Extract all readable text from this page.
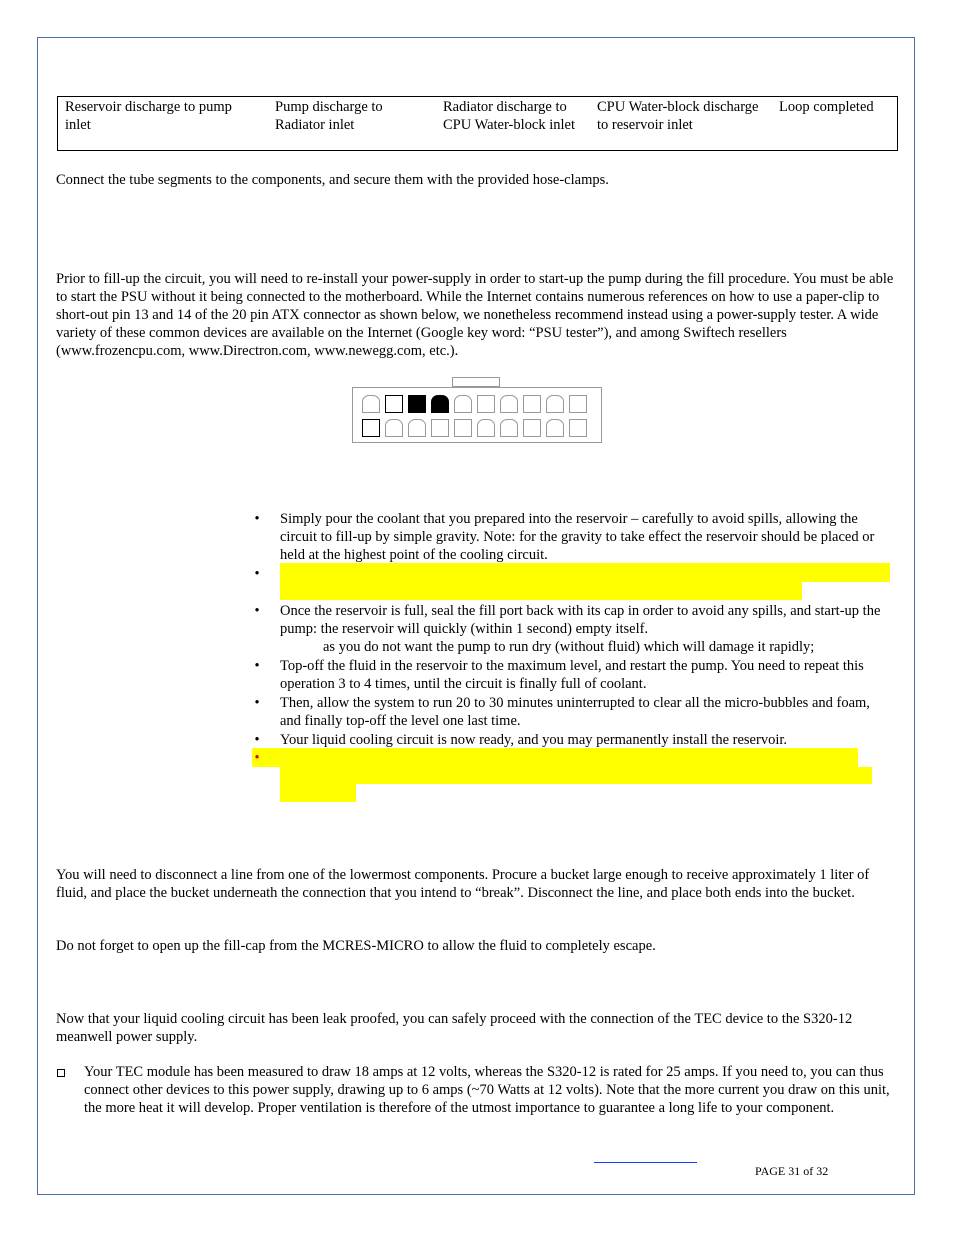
Reservoir discharge to pump inlet	Pump discharge to Radiator inlet	Radiator discharge to CPU Water-block inlet	CPU Water-block discharge to reservoir inlet	Loop completed

Connect the tube segments to the components, and secure them with the provided hose-clamps.

Prior to fill-up the circuit, you will need to re-install your power-supply in order to start-up the pump during the fill procedure. You must be able to start the PSU without it being connected to the motherboard. While the Internet contains numerous references on how to use a paper-clip to short-out pin 13 and 14 of the 20 pin ATX connector as shown below, we nonetheless recommend instead using a power-supply tester. A wide variety of these common devices are available on the Internet (Google key word: “PSU tester”), and among Swiftech resellers (www.frozencpu.com, www.Directron.com, www.newegg.com, etc.).

• Simply pour the coolant that you prepared into the reservoir – carefully to avoid spills, allowing the circuit to fill-up by simple gravity. Note: for the gravity to take effect the reservoir should be placed or held at the highest point of the cooling circuit.
•
• Once the reservoir is full, seal the fill port back with its cap in order to avoid any spills, and start-up the pump: the reservoir will quickly (within 1 second) empty itself.
as you do not want the pump to run dry (without fluid) which will damage it rapidly;
• Top-off the fluid in the reservoir to the maximum level, and restart the pump. You need to repeat this operation 3 to 4 times, until the circuit is finally full of coolant.
• Then, allow the system to run 20 to 30 minutes uninterrupted to clear all the micro-bubbles and foam, and finally top-off the level one last time.
• Your liquid cooling circuit is now ready, and you may permanently install the reservoir.
•

You will need to disconnect a line from one of the lowermost components. Procure a bucket large enough to receive approximately 1 liter of fluid, and place the bucket underneath the connection that you intend to “break”. Disconnect the line, and place both ends into the bucket.

Do not forget to open up the fill-cap from the MCRES-MICRO to allow the fluid to completely escape.

Now that your liquid cooling circuit has been leak proofed, you can safely proceed with the connection of the TEC device to the S320-12 meanwell power supply.

Your TEC module has been measured to draw 18 amps at 12 volts, whereas the S320-12 is rated for 25 amps. If you need to, you can thus connect other devices to this power supply, drawing up to 6 amps (~70 Watts at 12 volts). Note that the more current you draw on this unit, the more heat it will develop. Proper ventilation is therefore of the utmost importance to guarantee a long life to your component.

PAGE 31 of 32
